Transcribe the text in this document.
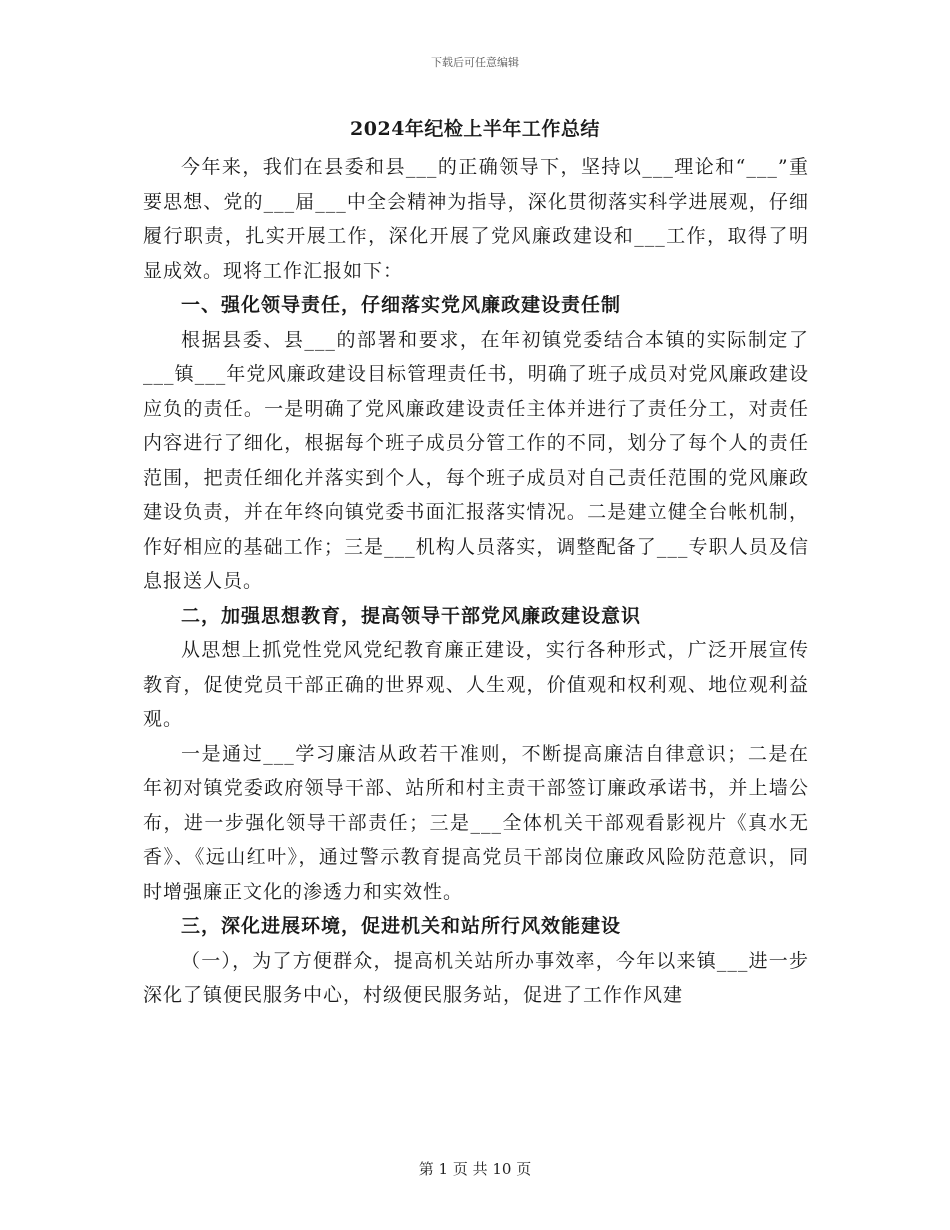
下载后可任意编辑
2024年纪检上半年工作总结

今年来，我们在县委和县___的正确领导下，坚持以___理论和“___”重要思想、党的___届___中全会精神为指导，深化贯彻落实科学进展观，仔细履行职责，扎实开展工作，深化开展了党风廉政建设和___工作，取得了明显成效。现将工作汇报如下：

一、强化领导责任，仔细落实党风廉政建设责任制

根据县委、县___的部署和要求，在年初镇党委结合本镇的实际制定了___镇___年党风廉政建设目标管理责任书，明确了班子成员对党风廉政建设应负的责任。一是明确了党风廉政建设责任主体并进行了责任分工，对责任内容进行了细化，根据每个班子成员分管工作的不同，划分了每个人的责任范围，把责任细化并落实到个人，每个班子成员对自己责任范围的党风廉政建设负责，并在年终向镇党委书面汇报落实情况。二是建立健全台帐机制，作好相应的基础工作；三是___机构人员落实，调整配备了___专职人员及信息报送人员。

二，加强思想教育，提高领导干部党风廉政建设意识

从思想上抓党性党风党纪教育廉正建设，实行各种形式，广泛开展宣传教育，促使党员干部正确的世界观、人生观，价值观和权利观、地位观利益观。

一是通过___学习廉洁从政若干准则，不断提高廉洁自律意识；二是在年初对镇党委政府领导干部、站所和村主责干部签订廉政承诺书，并上墙公布，进一步强化领导干部责任；三是___全体机关干部观看影视片《真水无香》、《远山红叶》，通过警示教育提高党员干部岗位廉政风险防范意识，同时增强廉正文化的渗透力和实效性。

三，深化进展环境，促进机关和站所行风效能建设

（一），为了方便群众，提高机关站所办事效率，今年以来镇___进一步深化了镇便民服务中心，村级便民服务站，促进了工作作风建

第 1 页 共 10 页
